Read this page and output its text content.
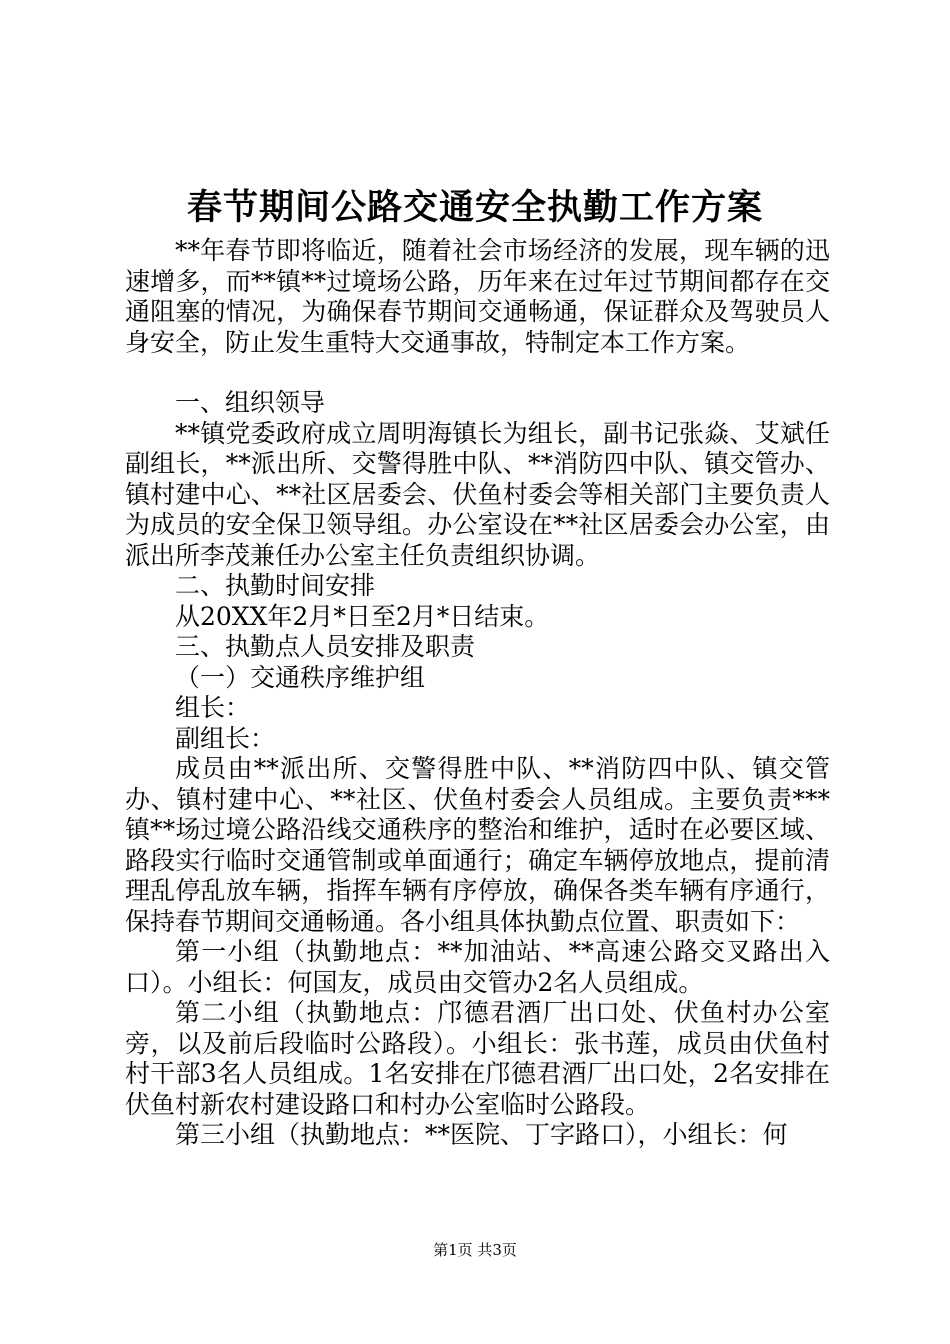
春节期间公路交通安全执勤工作方案

**年春节即将临近，随着社会市场经济的发展，现车辆的迅速增多，而**镇**过境场公路，历年来在过年过节期间都存在交通阻塞的情况，为确保春节期间交通畅通，保证群众及驾驶员人身安全，防止发生重特大交通事故，特制定本工作方案。

一、组织领导

**镇党委政府成立周明海镇长为组长，副书记张焱、艾斌任副组长，**派出所、交警得胜中队、**消防四中队、镇交管办、镇村建中心、**社区居委会、伏鱼村委会等相关部门主要负责人为成员的安全保卫领导组。办公室设在**社区居委会办公室，由派出所李茂兼任办公室主任负责组织协调。

二、执勤时间安排

从20XX年2月*日至2月*日结束。

三、执勤点人员安排及职责

（一）交通秩序维护组

组长：

副组长：

成员由**派出所、交警得胜中队、**消防四中队、镇交管办、镇村建中心、**社区、伏鱼村委会人员组成。主要负责***镇**场过境公路沿线交通秩序的整治和维护，适时在必要区域、路段实行临时交通管制或单面通行；确定车辆停放地点，提前清理乱停乱放车辆，指挥车辆有序停放，确保各类车辆有序通行，保持春节期间交通畅通。各小组具体执勤点位置、职责如下：

第一小组（执勤地点：**加油站、**高速公路交叉路出入口）。小组长：何国友，成员由交管办2名人员组成。

第二小组（执勤地点：邝德君酒厂出口处、伏鱼村办公室旁，以及前后段临时公路段）。小组长：张书莲，成员由伏鱼村村干部3名人员组成。1名安排在邝德君酒厂出口处，2名安排在伏鱼村新农村建设路口和村办公室临时公路段。

第三小组（执勤地点：**医院、丁字路口），小组长：何

第1页 共3页
